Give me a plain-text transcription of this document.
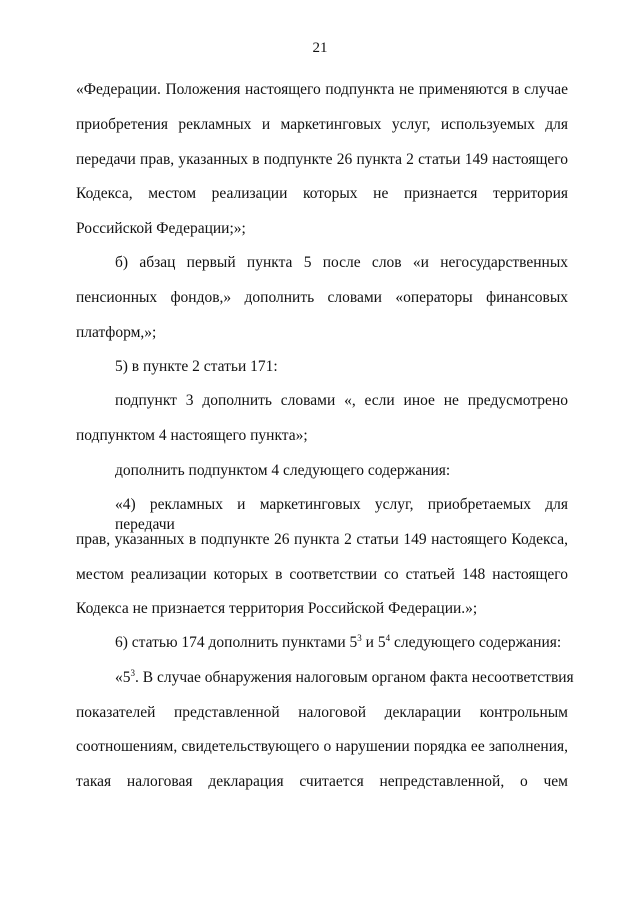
21
«Федерации. Положения настоящего подпункта не применяются в случае
приобретения рекламных и маркетинговых услуг, используемых для
передачи прав, указанных в подпункте 26 пункта 2 статьи 149 настоящего
Кодекса, местом реализации которых не признается территория
Российской Федерации;»;
б) абзац первый пункта 5 после слов «и негосударственных
пенсионных фондов,» дополнить словами «операторы финансовых
платформ,»;
5) в пункте 2 статьи 171:
подпункт 3 дополнить словами «, если иное не предусмотрено
подпунктом 4 настоящего пункта»;
дополнить подпунктом 4 следующего содержания:
«4) рекламных и маркетинговых услуг, приобретаемых для передачи
прав, указанных в подпункте 26 пункта 2 статьи 149 настоящего Кодекса,
местом реализации которых в соответствии со статьей 148 настоящего
Кодекса не признается территория Российской Федерации.»;
6) статью 174 дополнить пунктами $5^3$ и $5^4$ следующего содержания:
«$5^3$. В случае обнаружения налоговым органом факта несоответствия
показателей представленной налоговой декларации контрольным
соотношениям, свидетельствующего о нарушении порядка ее заполнения,
такая налоговая декларация считается непредставленной, о чем
